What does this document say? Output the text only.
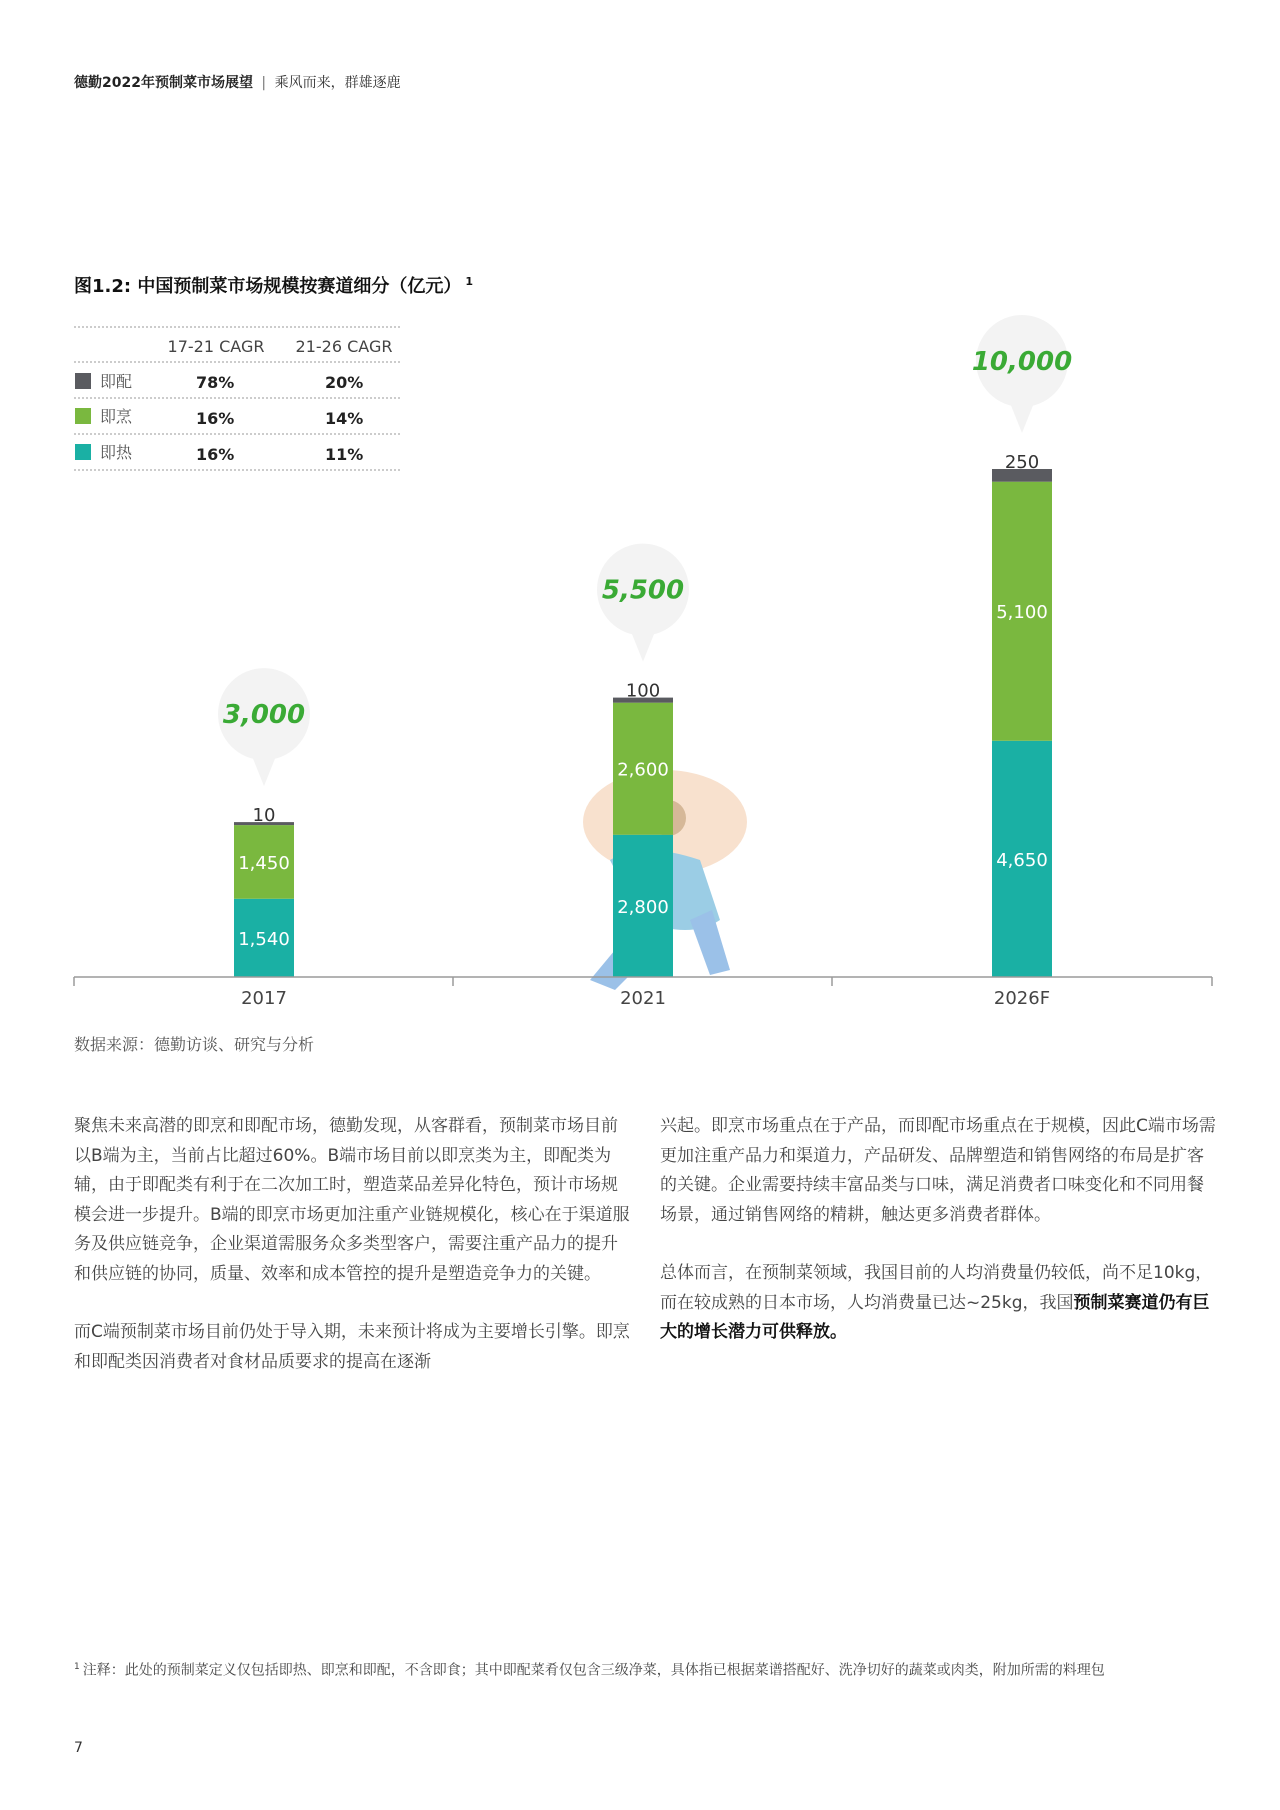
德勤2022年预制菜市场展望 | 乘风而来，群雄逐鹿
图1.2: 中国预制菜市场规模按赛道细分（亿元） $^1$
17-21 CAGR 21-26 CAGR
即配	78%	20%
即烹	16%	14%
即热	16%	11%
1,540
1,450
10
3,000
2017
2,800
2,600
100
5,500
2021
4,650
5,100
250
10,000
2026F
数据来源：德勤访谈、研究与分析

聚焦未来高潜的即烹和即配市场，德勤发现，从客群看，预制菜市场目前以B端为主，当前占比超过60%。B端市场目前以即烹类为主，即配类为辅，由于即配类有利于在二次加工时，塑造菜品差异化特色，预计市场规模会进一步提升。B端的即烹市场更加注重产业链规模化，核心在于渠道服务及供应链竞争，企业渠道需服务众多类型客户，需要注重产品力的提升和供应链的协同，质量、效率和成本管控的提升是塑造竞争力的关键。

而C端预制菜市场目前仍处于导入期，未来预计将成为主要增长引擎。即烹和即配类因消费者对食材品质要求的提高在逐渐

兴起。即烹市场重点在于产品，而即配市场重点在于规模，因此C端市场需更加注重产品力和渠道力，产品研发、品牌塑造和销售网络的布局是扩客的关键。企业需要持续丰富品类与口味，满足消费者口味变化和不同用餐场景，通过销售网络的精耕，触达更多消费者群体。

总体而言，在预制菜领域，我国目前的人均消费量仍较低，尚不足10kg，而在较成熟的日本市场，人均消费量已达~25kg，我国预制菜赛道仍有巨大的增长潜力可供释放。

$^1$ 注释：此处的预制菜定义仅包括即热、即烹和即配，不含即食；其中即配菜肴仅包含三级净菜，具体指已根据菜谱搭配好、洗净切好的蔬菜或肉类，附加所需的料理包
7
